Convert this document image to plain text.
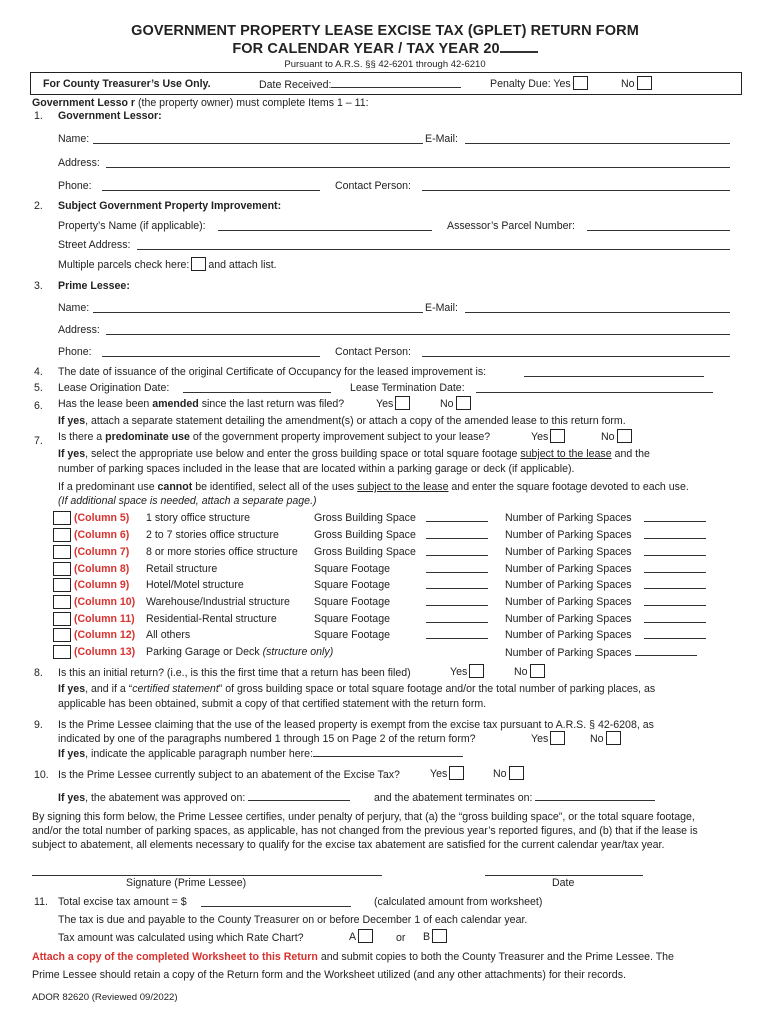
GOVERNMENT PROPERTY LEASE EXCISE TAX (GPLET) RETURN FORM
FOR CALENDAR YEAR / TAX YEAR 20
Pursuant to A.R.S. §§ 42-6201 through 42-6210
For County Treasurer’s Use Only.	Date Received:	Penalty Due: Yes	No
Government Lesso r (the property owner) must complete Items 1 – 11:
1. Government Lessor:
Name:	E-Mail:
Address:
Phone:	Contact Person:
2. Subject Government Property Improvement:
Property’s Name (if applicable):	Assessor’s Parcel Number:
Street Address:
Multiple parcels check here: and attach list.
3. Prime Lessee:
Name:	E-Mail:
Address:
Phone:	Contact Person:
4. The date of issuance of the original Certificate of Occupancy for the leased improvement is:
5. Lease Origination Date:	Lease Termination Date:
6. Has the lease been amended since the last return was filed?	Yes	No
If yes, attach a separate statement detailing the amendment(s) or attach a copy of the amended lease to this return form.
7. Is there a predominate use of the government property improvement subject to your lease?	Yes	No
If yes, select the appropriate use below and enter the gross building space or total square footage subject to the lease and the
number of parking spaces included in the lease that are located within a parking garage or deck (if applicable).
If a predominant use cannot be identified, select all of the uses subject to the lease and enter the square footage devoted to each use.
(If additional space is needed, attach a separate page.)
(Column 5) 1 story office structure	Gross Building Space	Number of Parking Spaces
(Column 6) 2 to 7 stories office structure	Gross Building Space	Number of Parking Spaces
(Column 7) 8 or more stories office structure Gross Building Space	Number of Parking Spaces
(Column 8) Retail structure	Square Footage	Number of Parking Spaces
(Column 9) Hotel/Motel structure	Square Footage	Number of Parking Spaces
(Column 10) Warehouse/Industrial structure Square Footage	Number of Parking Spaces
(Column 11) Residential-Rental structure	Square Footage	Number of Parking Spaces
(Column 12) All others	Square Footage	Number of Parking Spaces
(Column 13) Parking Garage or Deck (structure only)	Number of Parking Spaces
8. Is this an initial return? (i.e., is this the first time that a return has been filed)	Yes	No
If yes, and if a “certified statement” of gross building space or total square footage and/or the total number of parking places, as
applicable has been obtained, submit a copy of that certified statement with the return form.
9. Is the Prime Lessee claiming that the use of the leased property is exempt from the excise tax pursuant to A.R.S. § 42-6208, as
indicated by one of the paragraphs numbered 1 through 15 on Page 2 of the return form?	Yes	No
If yes, indicate the applicable paragraph number here:
10. Is the Prime Lessee currently subject to an abatement of the Excise Tax?	Yes	No
If yes, the abatement was approved on:	and the abatement terminates on:
By signing this form below, the Prime Lessee certifies, under penalty of perjury, that (a) the “gross building space”, or the total square footage,
and/or the total number of parking spaces, as applicable, has not changed from the previous year’s reported figures, and (b) that if the lease is
subject to abatement, all elements necessary to qualify for the excise tax abatement are satisfied for the current calendar year/tax year.
Signature (Prime Lessee)	Date
11. Total excise tax amount = $	(calculated amount from worksheet)
The tax is due and payable to the County Treasurer on or before December 1 of each calendar year.
Tax amount was calculated using which Rate Chart?	A	or B
Attach a copy of the completed Worksheet to this Return and submit copies to both the County Treasurer and the Prime Lessee. The
Prime Lessee should retain a copy of the Return form and the Worksheet utilized (and any other attachments) for their records.
ADOR 82620 (Reviewed 09/2022)
